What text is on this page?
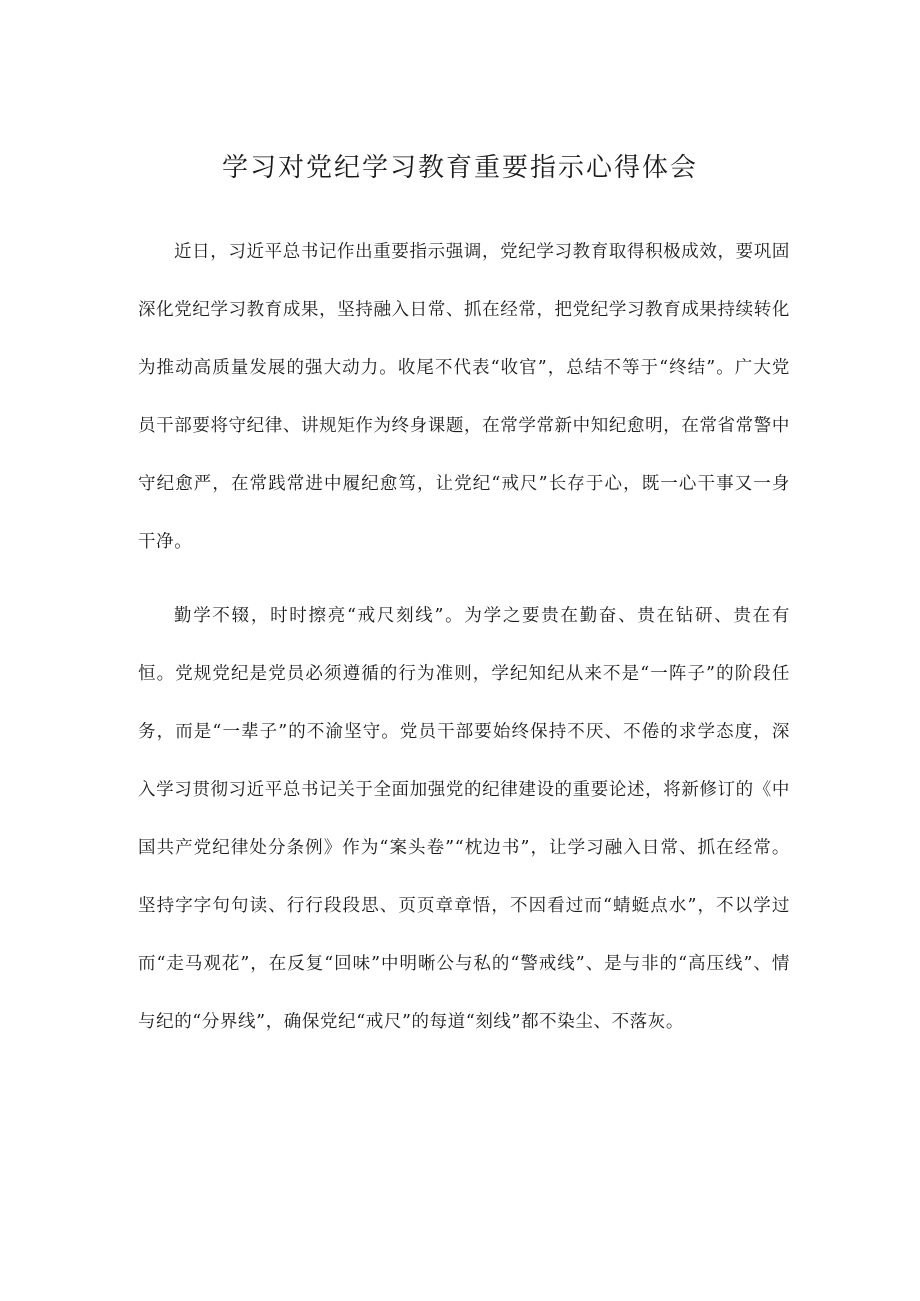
学习对党纪学习教育重要指示心得体会

近日，习近平总书记作出重要指示强调，党纪学习教育取得积极成效，要巩固深化党纪学习教育成果，坚持融入日常、抓在经常，把党纪学习教育成果持续转化为推动高质量发展的强大动力。收尾不代表“收官”，总结不等于“终结”。广大党员干部要将守纪律、讲规矩作为终身课题，在常学常新中知纪愈明，在常省常警中守纪愈严，在常践常进中履纪愈笃，让党纪“戒尺”长存于心，既一心干事又一身干净。

勤学不辍，时时擦亮“戒尺刻线”。为学之要贵在勤奋、贵在钻研、贵在有恒。党规党纪是党员必须遵循的行为准则，学纪知纪从来不是“一阵子”的阶段任务，而是“一辈子”的不渝坚守。党员干部要始终保持不厌、不倦的求学态度，深入学习贯彻习近平总书记关于全面加强党的纪律建设的重要论述，将新修订的《中国共产党纪律处分条例》作为“案头卷”“枕边书”，让学习融入日常、抓在经常。坚持字字句句读、行行段段思、页页章章悟，不因看过而“蜻蜓点水”，不以学过而“走马观花”，在反复“回味”中明晰公与私的“警戒线”、是与非的“高压线”、情与纪的“分界线”，确保党纪“戒尺”的每道“刻线”都不染尘、不落灰。
